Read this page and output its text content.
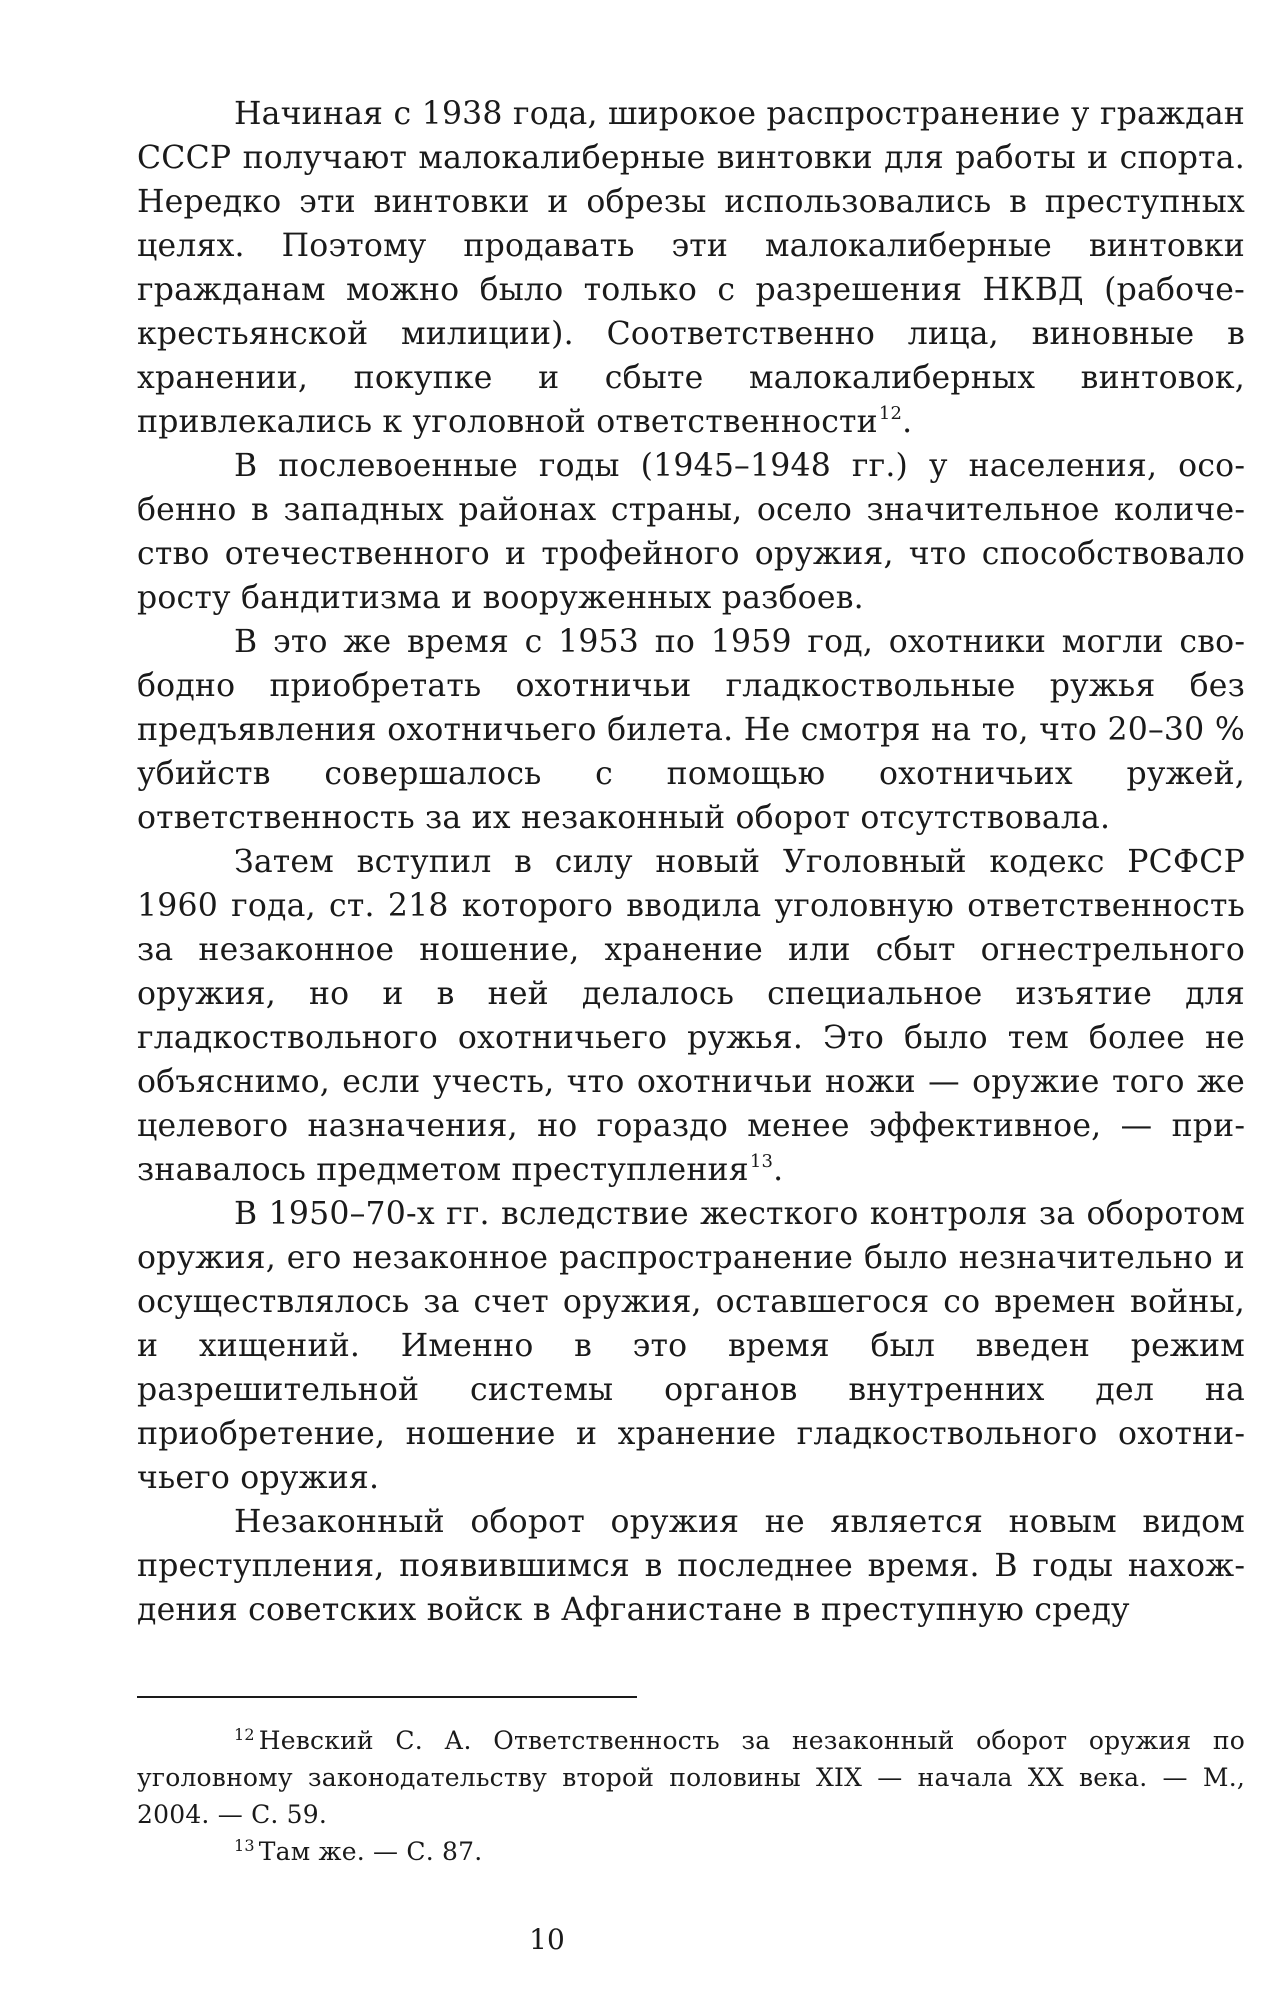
Начиная с 1938 года, широкое распространение у граждан СССР получают малокалиберные винтовки для работы и спорта. Нередко эти винтовки и обрезы использовались в преступных целях. Поэтому продавать эти малокалиберные винтовки гражданам можно было только с разрешения НКВД (рабоче-крестьянской милиции). Соответственно лица, виновные в хранении, покупке и сбыте малокалиберных винтовок, привлекались к уголовной ответственности$^{12}$.

В послевоенные годы (1945–1948 гг.) у населения, особенно в западных районах страны, осело значительное количество отечественного и трофейного оружия, что способствовало росту бандитизма и вооруженных разбоев.

В это же время с 1953 по 1959 год, охотники могли свободно приобретать охотничьи гладкоствольные ружья без предъявления охотничьего билета. Не смотря на то, что 20–30 % убийств совершалось с помощью охотничьих ружей, ответственность за их незаконный оборот отсутствовала.

Затем вступил в силу новый Уголовный кодекс РСФСР 1960 года, ст. 218 которого вводила уголовную ответственность за незаконное ношение, хранение или сбыт огнестрельного оружия, но и в ней делалось специальное изъятие для гладкоствольного охотничьего ружья. Это было тем более не объяснимо, если учесть, что охотничьи ножи — оружие того же целевого назначения, но гораздо менее эффективное, — признавалось предметом преступления$^{13}$.

В 1950–70-х гг. вследствие жесткого контроля за оборотом оружия, его незаконное распространение было незначительно и осуществлялось за счет оружия, оставшегося со времен войны, и хищений. Именно в это время был введен режим разрешительной системы органов внутренних дел на приобретение, ношение и хранение гладкоствольного охотничьего оружия.

Незаконный оборот оружия не является новым видом преступления, появившимся в последнее время. В годы нахождения советских войск в Афганистане в преступную среду

$^{12}$ Невский С. А. Ответственность за незаконный оборот оружия по уголовному законодательству второй половины XIX — начала XX века. — М., 2004. — С. 59.

$^{13}$ Там же. — С. 87.

10
